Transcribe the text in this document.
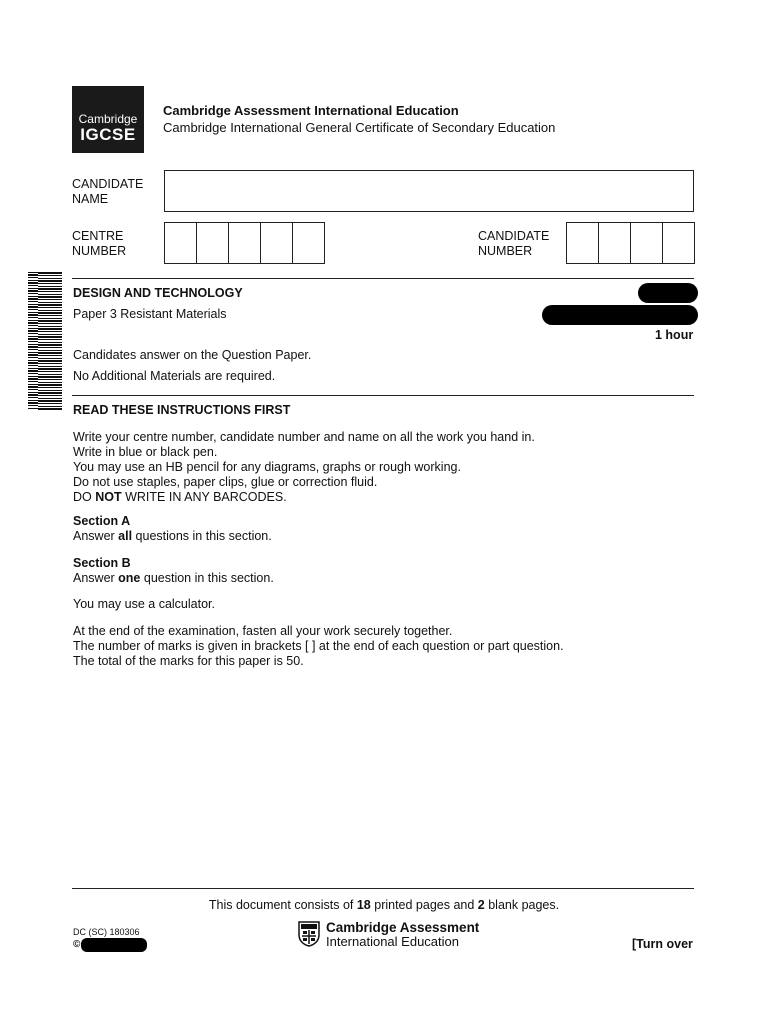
Cambridge
IGCSE
Cambridge Assessment International Education
Cambridge International General Certificate of Secondary Education
CANDIDATE
NAME
CENTRE
NUMBER
CANDIDATE
NUMBER
DESIGN AND TECHNOLOGY
Paper 3 Resistant Materials
1 hour
Candidates answer on the Question Paper.
No Additional Materials are required.
READ THESE INSTRUCTIONS FIRST
Write your centre number, candidate number and name on all the work you hand in.
Write in blue or black pen.
You may use an HB pencil for any diagrams, graphs or rough working.
Do not use staples, paper clips, glue or correction fluid.
DO NOT WRITE IN ANY BARCODES.
Section A
Answer all questions in this section.
Section B
Answer one question in this section.
You may use a calculator.
At the end of the examination, fasten all your work securely together.
The number of marks is given in brackets [ ] at the end of each question or part question.
The total of the marks for this paper is 50.
This document consists of 18 printed pages and 2 blank pages.
DC (SC) 180306
©
Cambridge Assessment
International Education	[Turn over
